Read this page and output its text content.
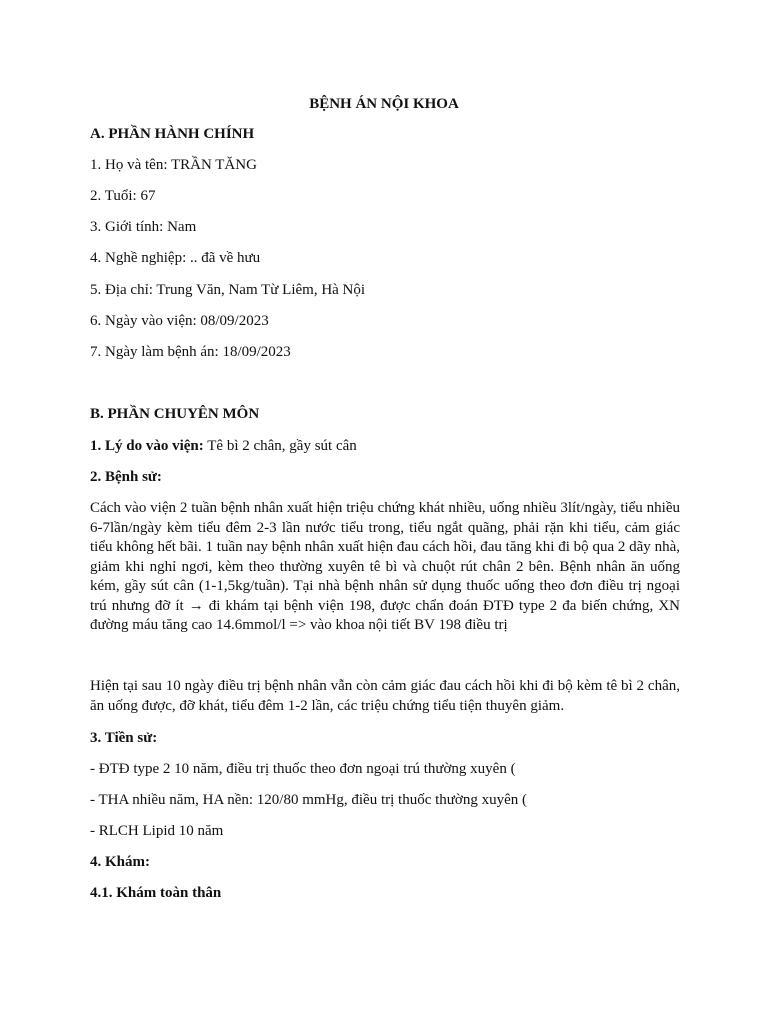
BỆNH ÁN NỘI KHOA
A. PHẦN HÀNH CHÍNH
1. Họ và tên: TRẦN TĂNG
2. Tuổi: 67
3. Giới tính: Nam
4. Nghề nghiệp: .. đã về hưu
5. Địa chỉ: Trung Văn, Nam Từ Liêm, Hà Nội
6. Ngày vào viện: 08/09/2023
7. Ngày làm bệnh án: 18/09/2023
B. PHẦN CHUYÊN MÔN
1. Lý do vào viện: Tê bì 2 chân, gầy sút cân
2. Bệnh sử:
Cách vào viện 2 tuần bệnh nhân xuất hiện triệu chứng khát nhiều, uống nhiều 3lít/ngày, tiểu nhiều 6-7lần/ngày kèm tiểu đêm 2-3 lần nước tiểu trong, tiểu ngắt quãng, phải rặn khi tiểu, cảm giác tiểu không hết bãi. 1 tuần nay bệnh nhân xuất hiện đau cách hồi, đau tăng khi đi bộ qua 2 dãy nhà, giảm khi nghỉ ngơi, kèm theo thường xuyên tê bì và chuột rút chân 2 bên. Bệnh nhân ăn uống kém, gầy sút cân (1-1,5kg/tuần). Tại nhà bệnh nhân sử dụng thuốc uống theo đơn điều trị ngoại trú nhưng đỡ ít → đi khám tại bệnh viện 198, được chẩn đoán ĐTĐ type 2 đa biến chứng, XN đường máu tăng cao 14.6mmol/l => vào khoa nội tiết BV 198 điều trị
Hiện tại sau 10 ngày điều trị bệnh nhân vẫn còn cảm giác đau cách hồi khi đi bộ kèm tê bì 2 chân, ăn uống được, đỡ khát, tiểu đêm 1-2 lần, các triệu chứng tiểu tiện thuyên giảm.
3. Tiền sử:
- ĐTĐ type 2 10 năm, điều trị thuốc theo đơn ngoại trú thường xuyên (
- THA nhiều năm, HA nền: 120/80 mmHg, điều trị thuốc thường xuyên (
- RLCH Lipid 10 năm
4. Khám:
4.1. Khám toàn thân
